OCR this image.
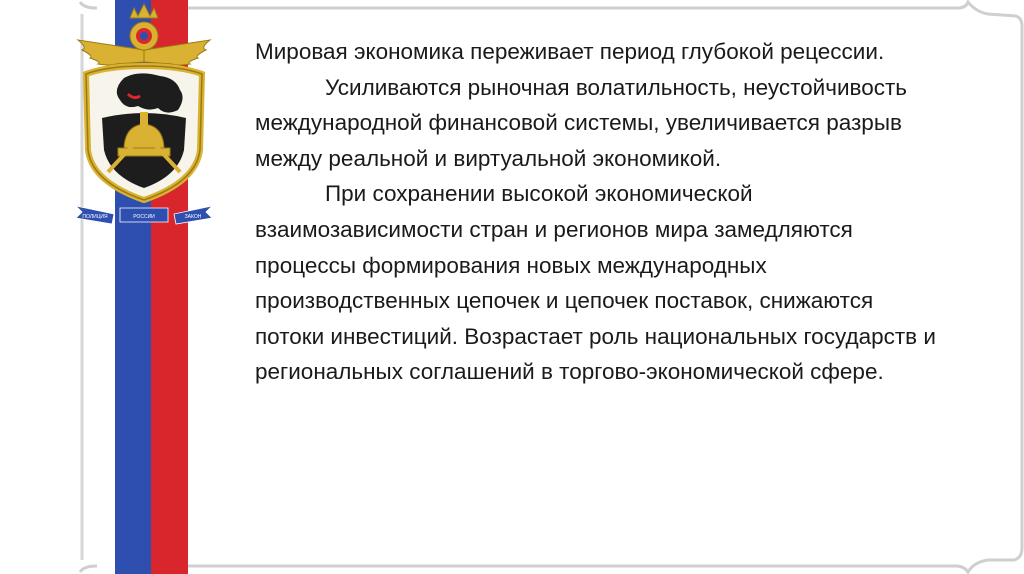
ПОЛИЦИЯ	РОССИИ	ЗАКОН

Мировая экономика переживает период глубокой рецессии.

Усиливаются рыночная волатильность, неустойчивость международной финансовой системы, увеличивается разрыв между реальной и виртуальной экономикой.

При сохранении высокой экономической взаимозависимости стран и регионов мира замедляются процессы формирования новых международных производственных цепочек и цепочек поставок, снижаются потоки инвестиций. Возрастает роль национальных государств и региональных соглашений в торгово-экономической сфере.
